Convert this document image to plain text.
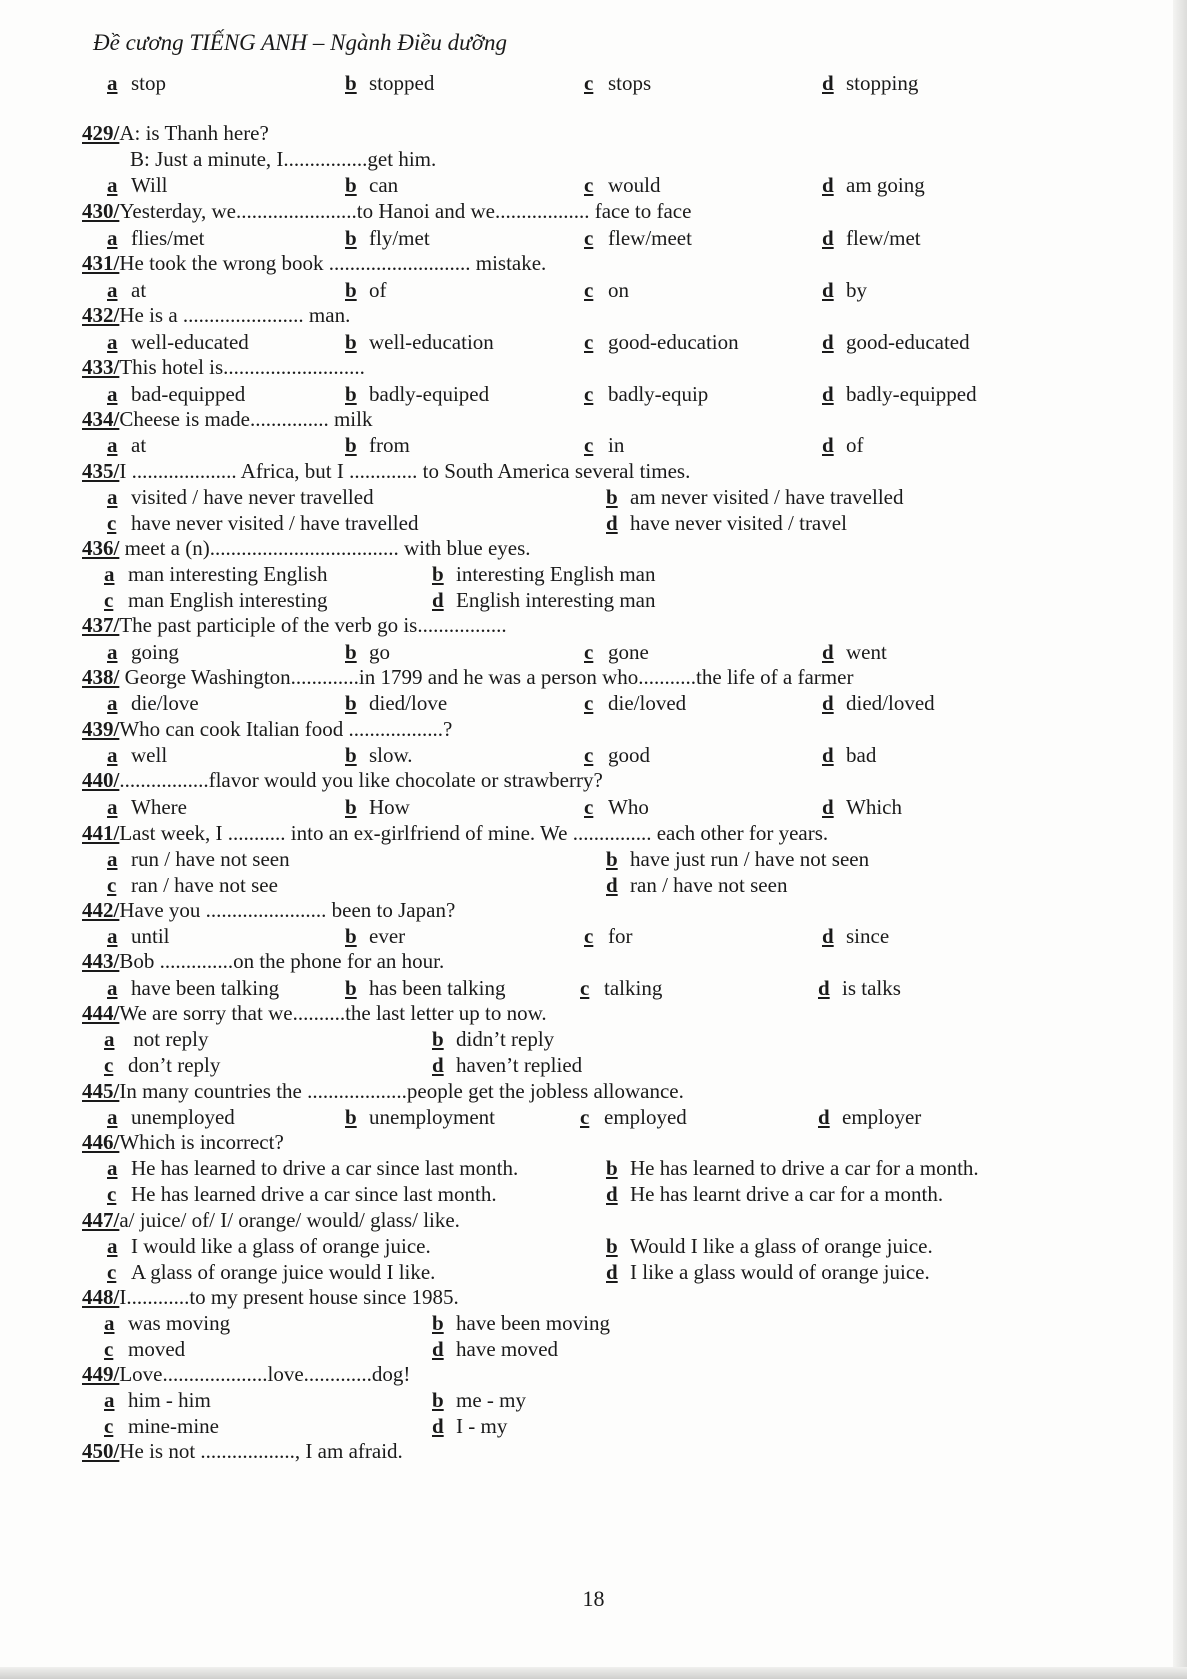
Đề cương TIẾNG ANH – Ngành Điều dưỡng
a stop	b stopped	c stops	d stopping
429/A: is Thanh here?
B: Just a minute, I................get him.
a Will	b can	c would	d am going
430/Yesterday, we.......................to Hanoi and we.................. face to face
a flies/met	b fly/met	c flew/meet	d flew/met
431/He took the wrong book ........................... mistake.
a at	b of	c on	d by
432/He is a ....................... man.
a well-educated	b well-education	c good-education	d good-educated
433/This hotel is...........................
a bad-equipped	b badly-equiped	c badly-equip	d badly-equipped
434/Cheese is made............... milk
a at	b from	c in	d of
435/I .................... Africa, but I ............. to South America several times.
a visited / have never travelled	b am never visited / have travelled
c have never visited / have travelled	d have never visited / travel
436/ meet a (n).................................... with blue eyes.
a man interesting English	b interesting English man
c man English interesting	d English interesting man
437/The past participle of the verb go is.................
a going	b go	c gone	d went
438/ George Washington.............in 1799 and he was a person who...........the life of a farmer
a die/love	b died/love	c die/loved	d died/loved
439/Who can cook Italian food ..................?
a well	b slow.	c good	d bad
440/.................flavor would you like chocolate or strawberry?
a Where	b How	c Who	d Which
441/Last week, I ........... into an ex-girlfriend of mine. We ............... each other for years.
a run / have not seen	b have just run / have not seen
c ran / have not see	d ran / have not seen
442/Have you ....................... been to Japan?
a until	b ever	c for	d since
443/Bob ..............on the phone for an hour.
a have been talking	b has been talking	c talking	d is talks
444/We are sorry that we..........the last letter up to now.
a not reply	b didn’t reply
c don’t reply	d haven’t replied
445/In many countries the ...................people get the jobless allowance.
a unemployed	b unemployment	c employed	d employer
446/Which is incorrect?
a He has learned to drive a car since last month.	b He has learned to drive a car for a month.
c He has learned drive a car since last month.	d He has learnt drive a car for a month.
447/a/ juice/ of/ I/ orange/ would/ glass/ like.
a I would like a glass of orange juice.	b Would I like a glass of orange juice.
c A glass of orange juice would I like.	d I like a glass would of orange juice.
448/I............to my present house since 1985.
a was moving	b have been moving
c moved	d have moved
449/Love....................love.............dog!
a him - him	b me - my
c mine-mine	d I - my
450/He is not .................., I am afraid.
18
